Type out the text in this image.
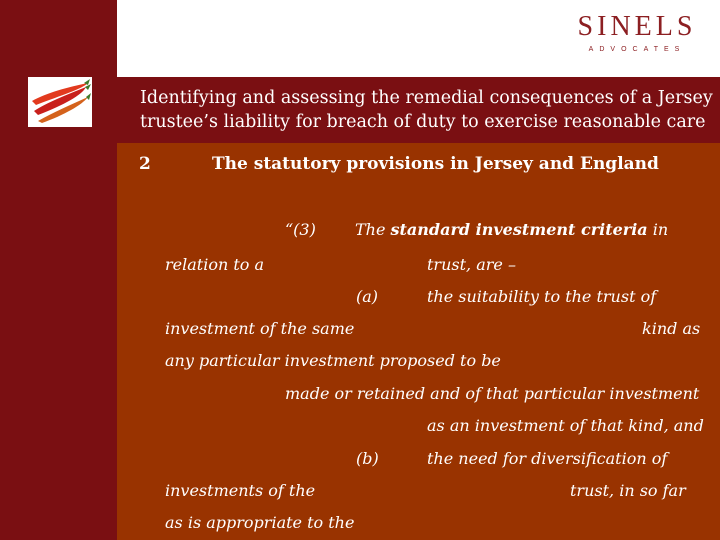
SINELS
ADVOCATES
Identifying and assessing the remedial consequences of a Jersey
trustee’s liability for breach of duty to exercise reasonable care
2	The statutory provisions in Jersey and England
“(3) The standard investment criteria in
relation to a	trust, are –
(a)	the suitability to the trust of
investment of the same	kind as
any particular investment proposed to be
made or retained and of that particular investment
as an investment of that kind, and
(b)	the need for diversification of
investments of the	trust, in so far
as is appropriate to the
